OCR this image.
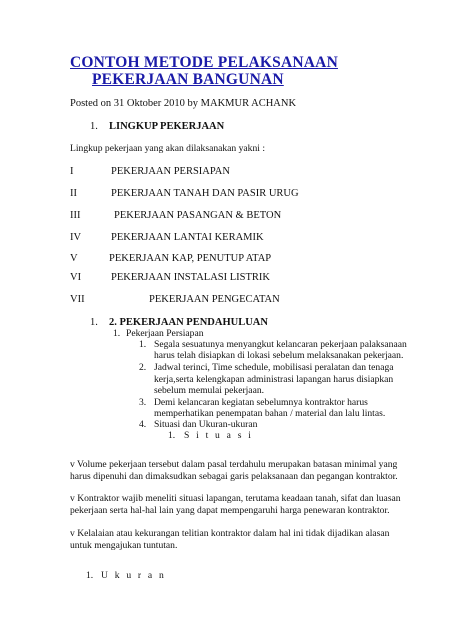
CONTOH METODE PELAKSANAAN
PEKERJAAN BANGUNAN
Posted on 31 Oktober 2010 by MAKMUR ACHANK
1. LINGKUP PEKERJAAN
Lingkup pekerjaan yang akan dilaksanakan yakni :
I	PEKERJAAN PERSIAPAN
II	PEKERJAAN TANAH DAN PASIR URUG
III	PEKERJAAN PASANGAN & BETON
IV	PEKERJAAN LANTAI KERAMIK
V	PEKERJAAN KAP, PENUTUP ATAP
VI	PEKERJAAN INSTALASI LISTRIK
VII	PEKERJAAN PENGECATAN
1. 2. PEKERJAAN PENDAHULUAN
1. Pekerjaan Persiapan
1. Segala sesuatunya menyangkut kelancaran pekerjaan palaksanaan
harus telah disiapkan di lokasi sebelum melaksanakan pekerjaan.
2. Jadwal terinci, Time schedule, mobilisasi peralatan dan tenaga
kerja,serta kelengkapan administrasi lapangan harus disiapkan
sebelum memulai pekerjaan.
3. Demi kelancaran kegiatan sebelumnya kontraktor harus
memperhatikan penempatan bahan / material dan lalu lintas.
4. Situasi dan Ukuran-ukuran
1. S i t u a s i
v Volume pekerjaan tersebut dalam pasal terdahulu merupakan batasan minimal yang
harus dipenuhi dan dimaksudkan sebagai garis pelaksanaan dan pegangan kontraktor.
v Kontraktor wajib meneliti situasi lapangan, terutama keadaan tanah, sifat dan luasan
pekerjaan serta hal-hal lain yang dapat mempengaruhi harga penewaran kontraktor.
v Kelalaian atau kekurangan telitian kontraktor dalam hal ini tidak dijadikan alasan
untuk mengajukan tuntutan.
1. U k u r a n
